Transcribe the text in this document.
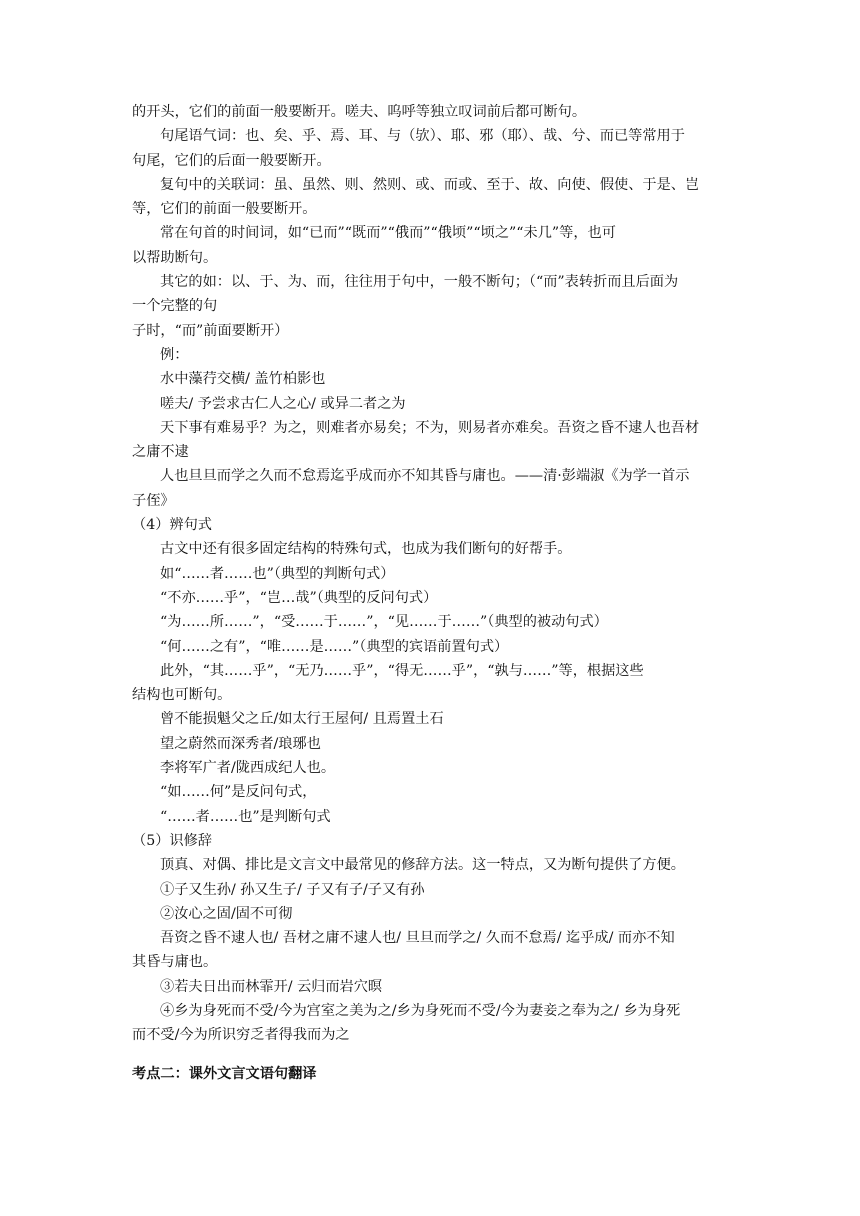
的开头，它们的前面一般要断开。嗟夫、呜呼等独立叹词前后都可断句。
句尾语气词：也、矣、乎、焉、耳、与（欤）、耶、邪（耶）、哉、兮、而已等常用于
句尾，它们的后面一般要断开。
复句中的关联词：虽、虽然、则、然则、或、而或、至于、故、向使、假使、于是、岂
等，它们的前面一般要断开。
常在句首的时间词，如“已而”“既而”“俄而”“俄顷”“顷之”“未几”等，也可
以帮助断句。
其它的如：以、于、为、而，往往用于句中，一般不断句；（“而”表转折而且后面为
一个完整的句
子时，“而”前面要断开）
例：
水中藻荇交横/ 盖竹柏影也
嗟夫/ 予尝求古仁人之心/ 或异二者之为
天下事有难易乎？为之，则难者亦易矣；不为，则易者亦难矣。吾资之昏不逮人也吾材
之庸不逮
人也旦旦而学之久而不怠焉迄乎成而亦不知其昏与庸也。——清·彭端淑《为学一首示
子侄》
（4）辨句式
古文中还有很多固定结构的特殊句式，也成为我们断句的好帮手。
如“……者……也”（典型的判断句式）
“不亦……乎”，“岂…哉”（典型的反问句式）
“为……所……”，“受……于……”，“见……于……”（典型的被动句式）
“何……之有”，“唯……是……”（典型的宾语前置句式）
此外，“其……乎”，“无乃……乎”，“得无……乎”，“孰与……”等，根据这些
结构也可断句。
曾不能损魁父之丘/如太行王屋何/ 且焉置土石
望之蔚然而深秀者/琅琊也
李将军广者/陇西成纪人也。
“如……何”是反问句式，
“……者……也”是判断句式
（5）识修辞
顶真、对偶、排比是文言文中最常见的修辞方法。这一特点，又为断句提供了方便。
①子又生孙/ 孙又生子/ 子又有子/子又有孙
②汝心之固/固不可彻
吾资之昏不逮人也/ 吾材之庸不逮人也/ 旦旦而学之/ 久而不怠焉/ 迄乎成/ 而亦不知
其昏与庸也。
③若夫日出而林霏开/ 云归而岩穴暝
④乡为身死而不受/今为宫室之美为之/乡为身死而不受/今为妻妾之奉为之/ 乡为身死
而不受/今为所识穷乏者得我而为之
考点二：课外文言文语句翻译
